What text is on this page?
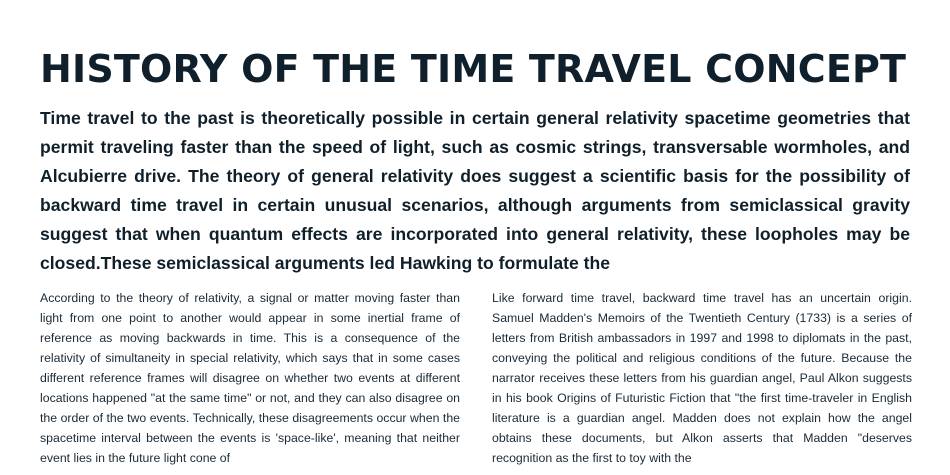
HISTORY OF THE TIME TRAVEL CONCEPT

Time travel to the past is theoretically possible in certain general relativity spacetime geometries that permit traveling faster than the speed of light, such as cosmic strings, transversable wormholes, and Alcubierre drive. The theory of general relativity does suggest a scientific basis for the possibility of backward time travel in certain unusual scenarios, although arguments from semiclassical gravity suggest that when quantum effects are incorporated into general relativity, these loopholes may be closed.These semiclassical arguments led Hawking to formulate the

According to the theory of relativity, a signal or matter moving faster than light from one point to another would appear in some inertial frame of reference as moving backwards in time. This is a consequence of the relativity of simultaneity in special relativity, which says that in some cases different reference frames will disagree on whether two events at different locations happened "at the same time" or not, and they can also disagree on the order of the two events. Technically, these disagreements occur when the spacetime interval between the events is 'space-like', meaning that neither event lies in the future light cone of

Like forward time travel, backward time travel has an uncertain origin. Samuel Madden's Memoirs of the Twentieth Century (1733) is a series of letters from British ambassadors in 1997 and 1998 to diplomats in the past, conveying the political and religious conditions of the future. Because the narrator receives these letters from his guardian angel, Paul Alkon suggests in his book Origins of Futuristic Fiction that "the first time-traveler in English literature is a guardian angel. Madden does not explain how the angel obtains these documents, but Alkon asserts that Madden "deserves recognition as the first to toy with the
